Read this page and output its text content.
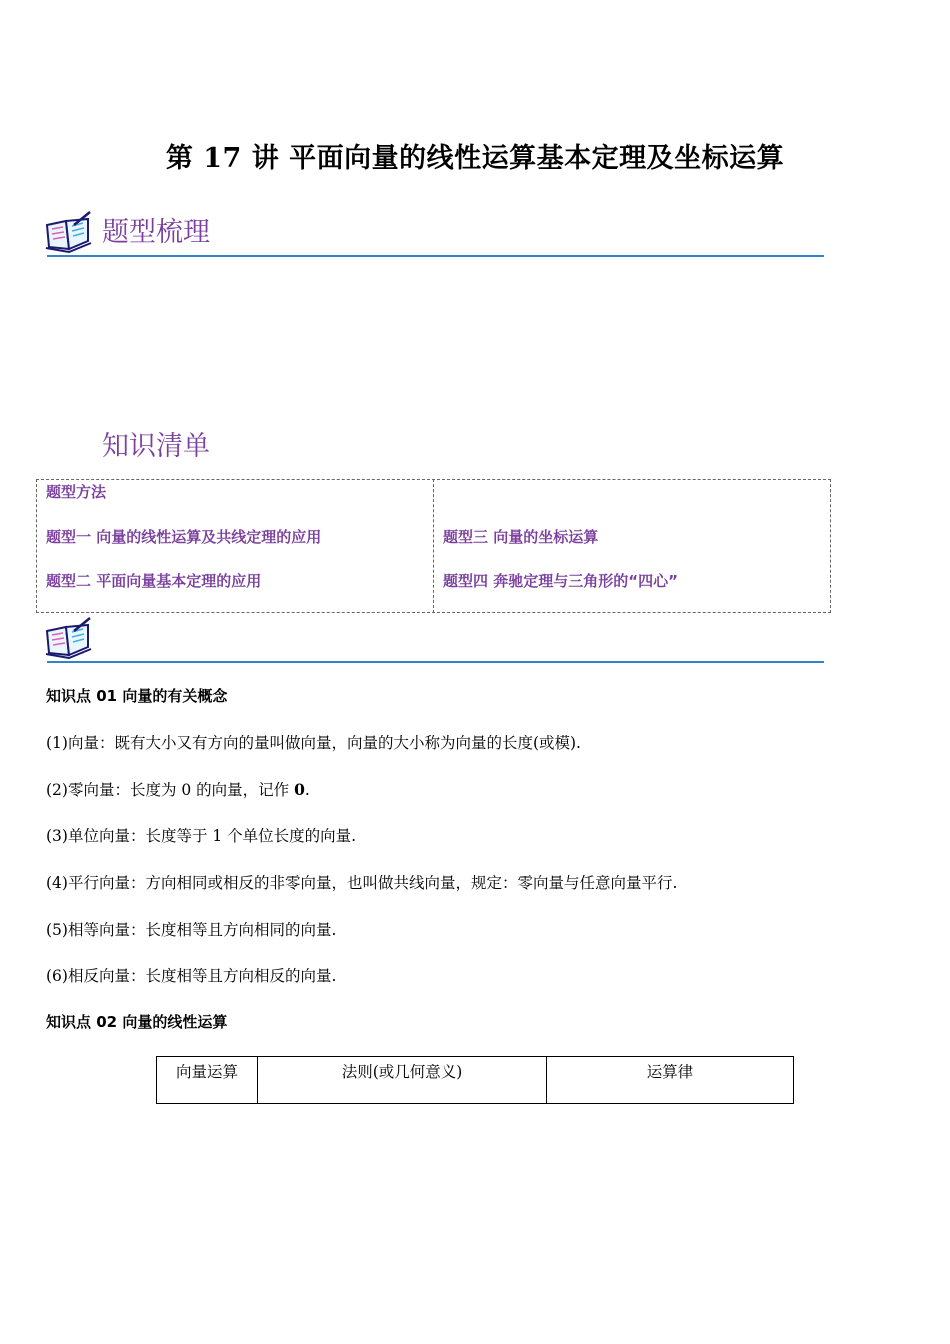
第 17 讲 平面向量的线性运算基本定理及坐标运算
题型梳理
知识清单
题型方法
题型一 向量的线性运算及共线定理的应用
题型二 平面向量基本定理的应用
题型三 向量的坐标运算
题型四 奔驰定理与三角形的“四心”
知识点 01 向量的有关概念
(1)向量：既有大小又有方向的量叫做向量，向量的大小称为向量的长度(或模).
(2)零向量：长度为 0 的向量，记作 0.
(3)单位向量：长度等于 1 个单位长度的向量.
(4)平行向量：方向相同或相反的非零向量，也叫做共线向量，规定：零向量与任意向量平行.
(5)相等向量：长度相等且方向相同的向量.
(6)相反向量：长度相等且方向相反的向量.
知识点 02 向量的线性运算
向量运算	法则(或几何意义)	运算律
